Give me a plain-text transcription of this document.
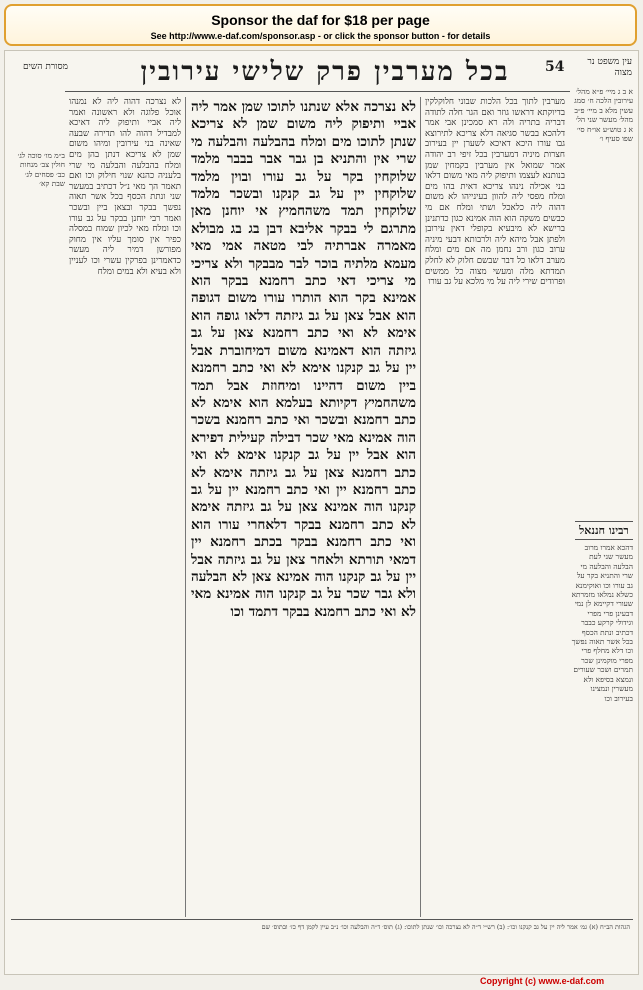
Sponsor the daf for $18 per page
See http://www.e-daf.com/sponsor.asp - or click the sponsor button - for details
בכל מערבין פרק שלישי עירובין	54	עין משפט נר מצוה
מסורת השים
לא נצרכה דהוה ליה לא נמנהו אוכל פלוגה ולא ראשונה ואמר ליה אביי ותיפוק ליה דאיכא למבדיל דהוה להו תדירה שבעה שאינה בני עירובין ומיהו משום שמן לא צריכא דנתן בהן מים ומלח בהבלעה והבלעה מי שרי בלעניה כהנא שנוי חילוק וכו ואם תאמר הך מאי נ״ל דכתיב במעשר שני ונתת הכסף בכל אשר תאוה נפשך בבקר ובצאן ביין ובשכר ואמר רבי יוחנן בבקר על גב עורו וכו ומלח מאי לכיון שמוח במסלה כפיר אין סומך עליו אין מחוק מפורשן דמיר ליה מעשר כדאמרינן בפרקין עשרי וכו לעניין ולא בעיא ולא במים ומלח
מערבין לתוך בכל הלכות שבוני חלוקלקין בדיוקתא דראשו גוזר ואם הגר חלה לתודה דבריה בתריה ולה רא סמכינן אבי אמר דלהכא בבשר סגיאה דלא צריכא לתירוצא גבו עורו היכא דאיכא לשערן יין בעירוב חצרות מיניה דמערבין בכל זיפי רב יהודה אמר שמואל אין מערבין בקמחין שמן בנותנא לעצמו ותיפוק ליה מאי משום דלאו בני אכילה נינהו צריכא דאית בהו מים ומלח מפסי ליה להוון בעינייהו לא משום דהוה ליה כלאכל ושתי ומלח אם מי כבשים משקה הוא הוה אמינא כגון כדתנינן ברישא לא מיבעיא בקופלי דאין עירובן ולפתן אבל מיהא ליה ולרבותא דבעי מיניה ערוב כגון ורב נחמן מה אם מים ומלח מערב דלאו כל דבר שבשם חלוק לא לחלק תמדתא מלה ומעשי מצוה כל ממשים ופרודים שירי ליה על מי מלכא על גב עורו
לא נצרכה אלא שנתנו לתוכו שמן אמר ליה אביי ותיפוק ליה משום שמן לא צריכא שנתן לתוכו מים ומלח בהבלעה והבלעה מי שרי אין והתניא בן גבר אבר בבבר מלמד שלוקחין בקר על גב עורו ובוין מלמד שלוקחין יין על גב קנקנו ובשכר מלמד שלוקחין תמד משהחמיץ אי יוחנן מאן מתרגם לי בבקר אליבא דבן בג בג מבולא מאמרה אברתיה לבי מטאה אמי מאי מעמא מלתיה בוכר לבר מבבקר ולא צריכי מי צריכי דאי כתב רחמנא בבקר הוא אמינא בקר הוא הותרו עורו משום דגופה הוא אבל צאן על גב גיזתה דלאו גופה הוא אימא לא ואי כתב רחמנא צאן על גב גיזתה הוא דאמינא משום דמיחוברת אבל יין על גב קנקנו אימא לא ואי כתב רחמנא ביין משום דהיינו ומיחוזת אבל תמד משהחמיץ דקיותא בעלמא הוא אימא לא כתב רחמנא ובשכר ואי כתב רחמנא בשכר הוה אמינא מאי שכר דבילה קעילית דפירא הוא אבל יין על גב קנקנו אימא לא ואי כתב רחמנא צאן על גב גיזתה אימא לא כתב רחמנא יין ואי כתב רחמנא יין על גב קנקנו הוה אמינא צאן על גב גיזתה אימא לא כתב רחמנא בבקר דלאחרי עורו הוא ואי כתב רחמנא בבקר בכתב רחמנא יין דמאי תורתא ולאחר צאן על גב גיזתה אבל יין על גב קנקנו הוה אמינא צאן לא הבלעה ולא גבר שכר על גב קנקנו הוה אמינא מאי לא ואי כתב רחמנא בבקר דתמד וכו
א ב ג מיי׳ פ״א מהל׳ עירובין הלכה ח׳ סמג עשין מלא ב מיי׳ פ״ב מהל׳ מעשר שני הל׳ א ג טוש״ע או״ח סי׳ שפו סעיף ו׳
רבינו חננאל
דהכא אמרו מרוב מעשר שני לעת הבלעה והבלעה מי שרי והתניא בקר על גב עורו וכו ואוקימנא כשלא נמלאו מזמרתא שעורי דקיימא לן נמי דבעינן פרי מפרי וגידולי קרקע כבבר דכתיב ונתת הכסף בכל אשר תאוה נפשך וכו דלא מחלף פרי מפרי מוקמינן שכר תמרים ושכר שעורים ונמצא בסיפא ולא מעשרין ונמצינו בעירוב וכו
ב״מ מו׳ סוכה לג׳ חולין צב׳ מנחות כב׳ פסחים לג׳ שבת קא׳
הגהות הב״ח (א) גמ׳ אמר ליה יין על גב קנקנו וכו׳: (ב) רש״י ד״ה לא נצרכה וכו׳ שנתן לתוכו: (ג) תוס׳ ד״ה והבלעה וכו׳ נ״ב עיין לקמן דף כז׳ ובתוס׳ שם
Copyright (c) www.e-daf.com
